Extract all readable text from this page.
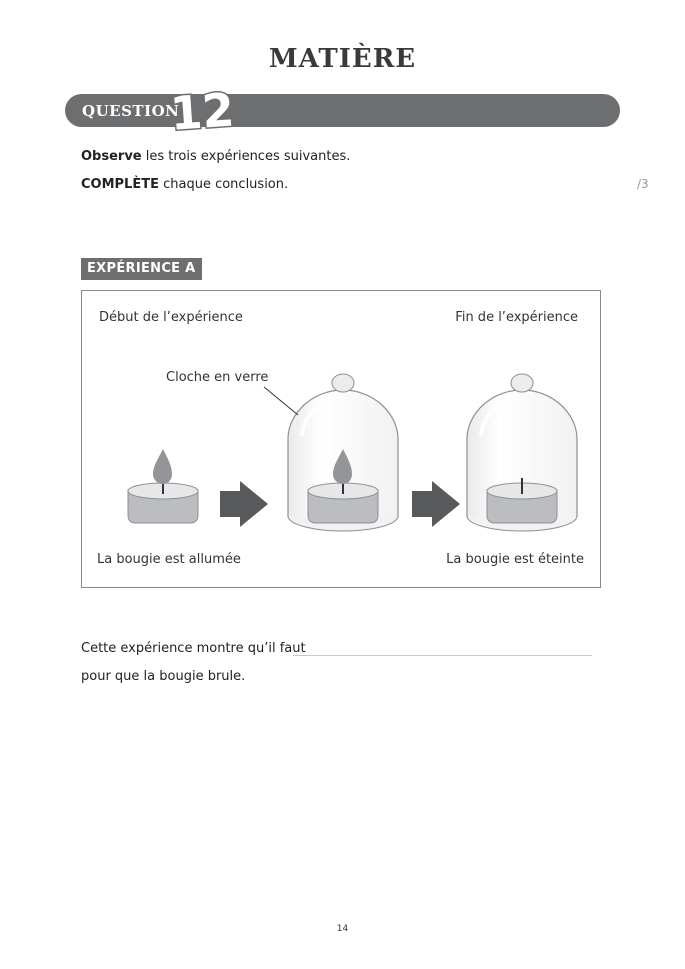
MATIÈRE
QUESTION
12
Observe les trois expériences suivantes.
COMPLÈTE chaque conclusion.	/3
EXPÉRIENCE A
Début de l’expérience	Fin de l’expérience
Cloche en verre
La bougie est allumée	La bougie est éteinte
Cette expérience montre qu’il faut
pour que la bougie brule.
14
